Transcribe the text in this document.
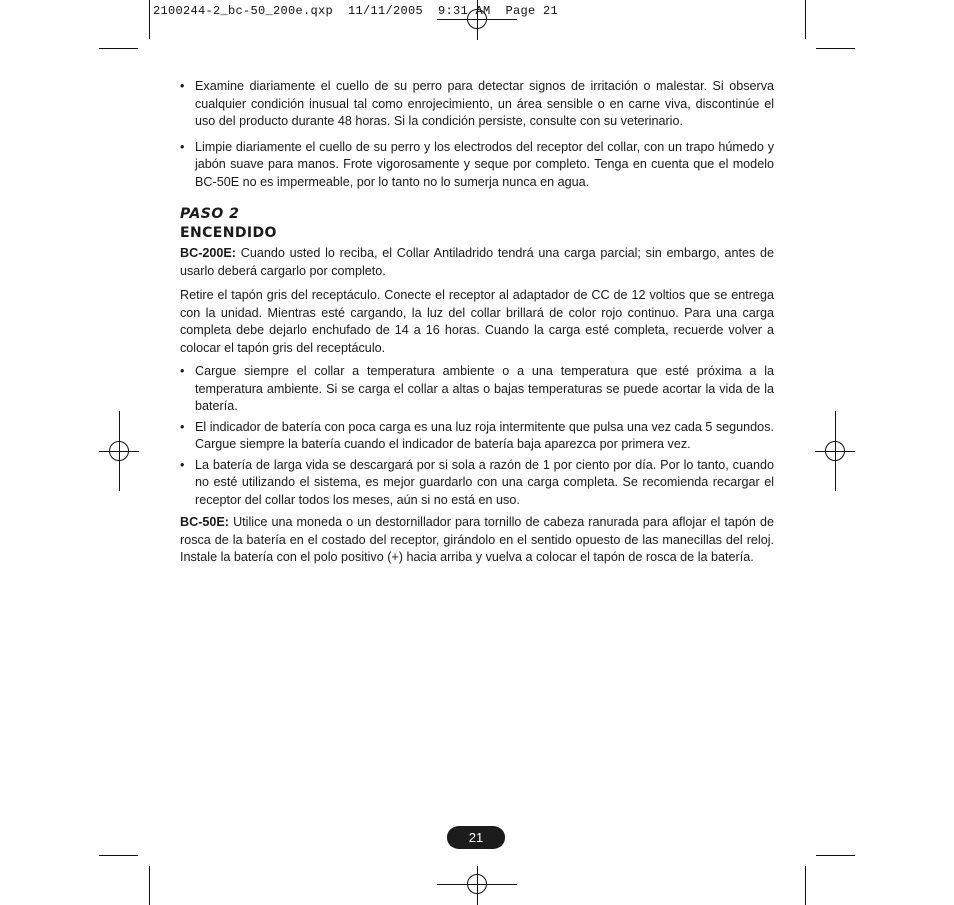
2100244-2_bc-50_200e.qxp  11/11/2005  9:31 AM  Page 21
• Examine diariamente el cuello de su perro para detectar signos de irritación o malestar. Si observa cualquier condición inusual tal como enrojecimiento, un área sensible o en carne viva, discontinúe el uso del producto durante 48 horas. Si la condición persiste, consulte con su veterinario.
• Limpie diariamente el cuello de su perro y los electrodos del receptor del collar, con un trapo húmedo y jabón suave para manos. Frote vigorosamente y seque por completo. Tenga en cuenta que el modelo BC-50E no es impermeable, por lo tanto no lo sumerja nunca en agua.
PASO 2
ENCENDIDO
BC-200E: Cuando usted lo reciba, el Collar Antiladrido tendrá una carga parcial; sin embargo, antes de usarlo deberá cargarlo por completo.
Retire el tapón gris del receptáculo. Conecte el receptor al adaptador de CC de 12 voltios que se entrega con la unidad. Mientras esté cargando, la luz del collar brillará de color rojo continuo. Para una carga completa debe dejarlo enchufado de 14 a 16 horas. Cuando la carga esté completa, recuerde volver a colocar el tapón gris del receptáculo.
• Cargue siempre el collar a temperatura ambiente o a una temperatura que esté próxima a la temperatura ambiente. Si se carga el collar a altas o bajas temperaturas se puede acortar la vida de la batería.
• El indicador de batería con poca carga es una luz roja intermitente que pulsa una vez cada 5 segundos. Cargue siempre la batería cuando el indicador de batería baja aparezca por primera vez.
• La batería de larga vida se descargará por si sola a razón de 1 por ciento por día. Por lo tanto, cuando no esté utilizando el sistema, es mejor guardarlo con una carga completa. Se recomienda recargar el receptor del collar todos los meses, aún si no está en uso.
BC-50E: Utilice una moneda o un destornillador para tornillo de cabeza ranurada para aflojar el tapón de rosca de la batería en el costado del receptor, girándolo en el sentido opuesto de las manecillas del reloj. Instale la batería con el polo positivo (+) hacia arriba y vuelva a colocar el tapón de rosca de la batería.
21
